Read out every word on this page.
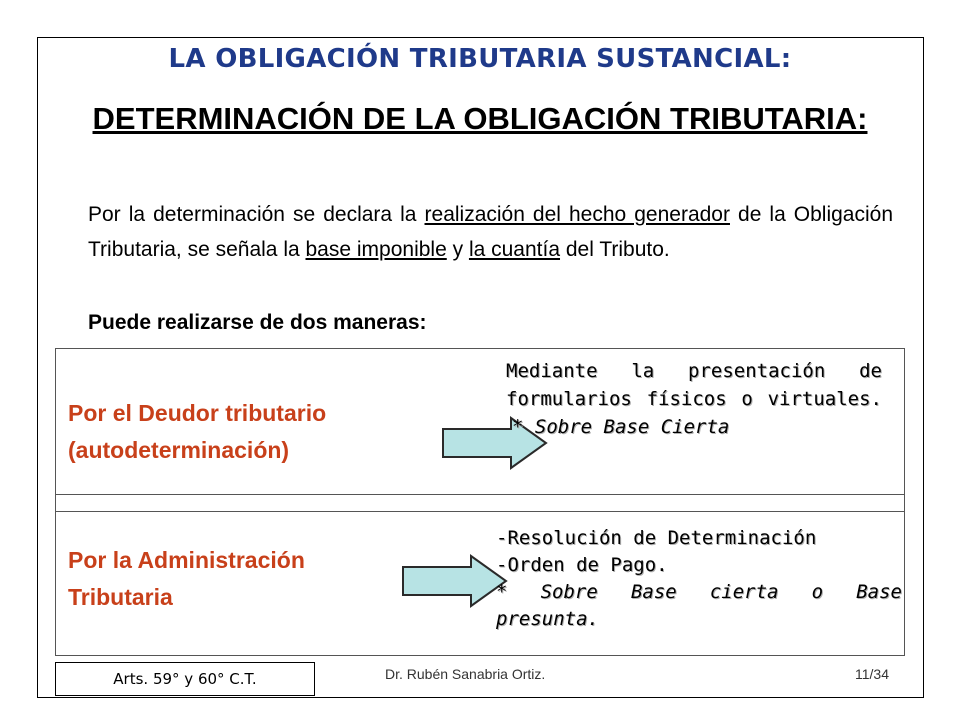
LA OBLIGACIÓN TRIBUTARIA SUSTANCIAL:
DETERMINACIÓN DE LA OBLIGACIÓN TRIBUTARIA:
Por la determinación se declara la realización del hecho generador de la Obligación Tributaria, se señala la base imponible y la cuantía del Tributo.
Puede realizarse de dos maneras:
Por el Deudor tributario
(autodeterminación)
Mediante la presentación de formularios físicos o virtuales.
* Sobre Base Cierta
Por la Administración
Tributaria
-Resolución de Determinación
-Orden de Pago.
* Sobre Base cierta o Base presunta.
Arts. 59° y 60° C.T.	Dr. Rubén Sanabria Ortiz.	11/34
